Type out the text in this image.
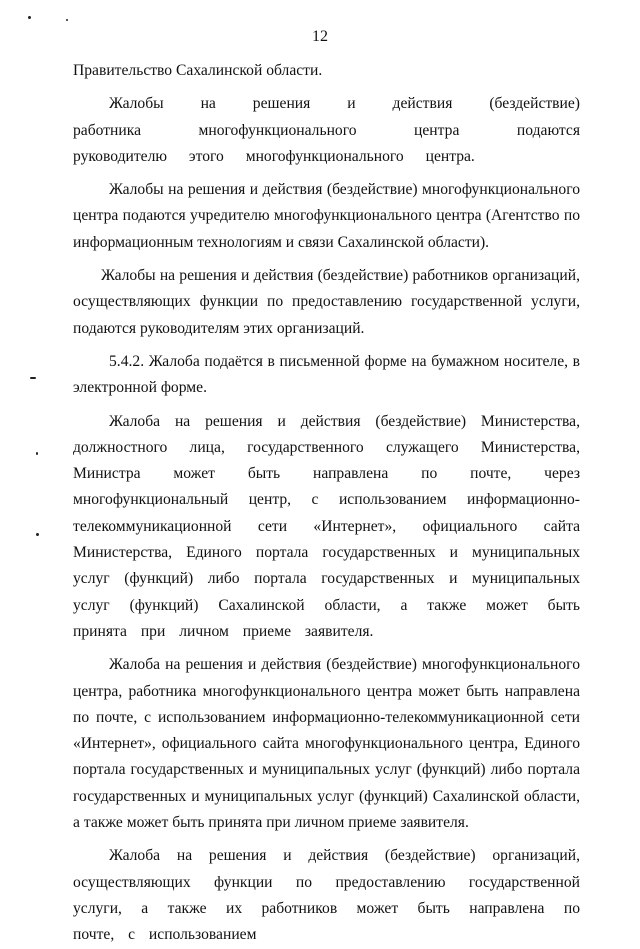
12

Правительство Сахалинской области.

Жалобы на решения и действия (бездействие) работника многофункционального центра подаются руководителю этого многофункционального центра.

Жалобы на решения и действия (бездействие) многофункционального центра подаются учредителю многофункционального центра (Агентство по информационным технологиям и связи Сахалинской области).

Жалобы на решения и действия (бездействие) работников организаций, осуществляющих функции по предоставлению государственной услуги, подаются руководителям этих организаций.

5.4.2. Жалоба подаётся в письменной форме на бумажном носителе, в электронной форме.

Жалоба на решения и действия (бездействие) Министерства, должностного лица, государственного служащего Министерства, Министра может быть направлена по почте, через многофункциональный центр, с использованием информационно-телекоммуникационной сети «Интернет», официального сайта Министерства, Единого портала государственных и муниципальных услуг (функций) либо портала государственных и муниципальных услуг (функций) Сахалинской области, а также может быть принята при личном приеме заявителя.

Жалоба на решения и действия (бездействие) многофункционального центра, работника многофункционального центра может быть направлена по почте, с использованием информационно-телекоммуникационной сети «Интернет», официального сайта многофункционального центра, Единого портала государственных и муниципальных услуг (функций) либо портала государственных и муниципальных услуг (функций) Сахалинской области, а также может быть принята при личном приеме заявителя.

Жалоба на решения и действия (бездействие) организаций, осуществляющих функции по предоставлению государственной услуги, а также их работников может быть направлена по почте, с использованием
